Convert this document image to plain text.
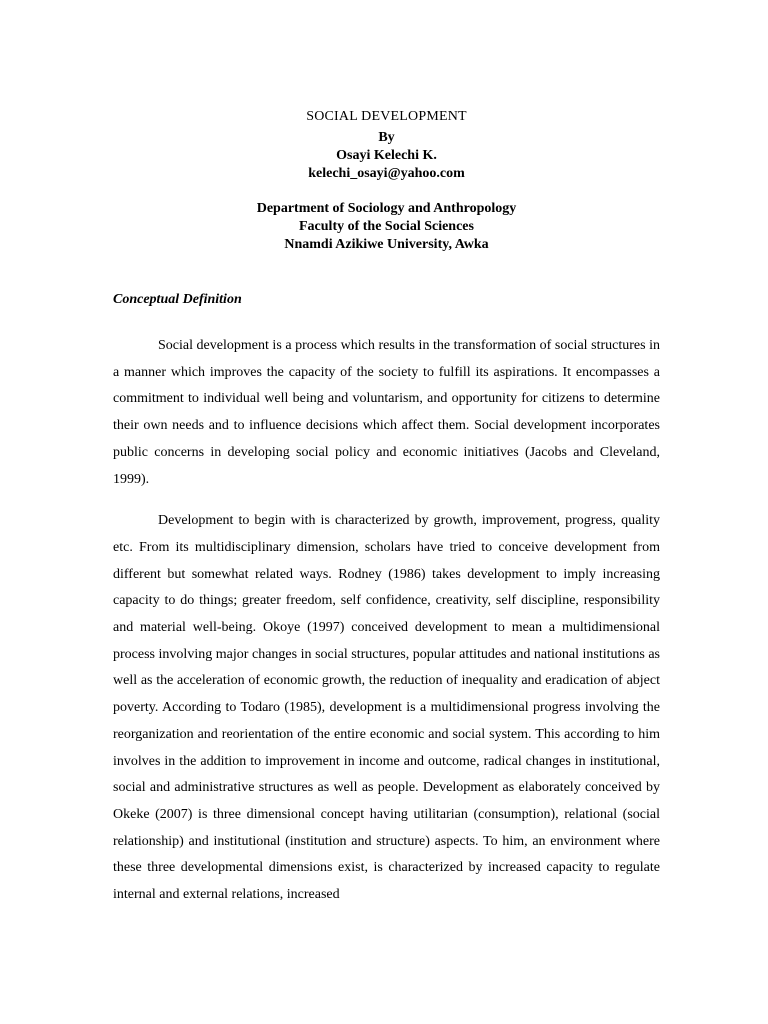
SOCIAL DEVELOPMENT
By
Osayi Kelechi K.
kelechi_osayi@yahoo.com
Department of Sociology and Anthropology
Faculty of the Social Sciences
Nnamdi Azikiwe University, Awka
Conceptual Definition

Social development is a process which results in the transformation of social structures in a manner which improves the capacity of the society to fulfill its aspirations. It encompasses a commitment to individual well being and voluntarism, and opportunity for citizens to determine their own needs and to influence decisions which affect them. Social development incorporates public concerns in developing social policy and economic initiatives (Jacobs and Cleveland, 1999).

Development to begin with is characterized by growth, improvement, progress, quality etc. From its multidisciplinary dimension, scholars have tried to conceive development from different but somewhat related ways. Rodney (1986) takes development to imply increasing capacity to do things; greater freedom, self confidence, creativity, self discipline, responsibility and material well-being. Okoye (1997) conceived development to mean a multidimensional process involving major changes in social structures, popular attitudes and national institutions as well as the acceleration of economic growth, the reduction of inequality and eradication of abject poverty. According to Todaro (1985), development is a multidimensional progress involving the reorganization and reorientation of the entire economic and social system. This according to him involves in the addition to improvement in income and outcome, radical changes in institutional, social and administrative structures as well as people. Development as elaborately conceived by Okeke (2007) is three dimensional concept having utilitarian (consumption), relational (social relationship) and institutional (institution and structure) aspects. To him, an environment where these three developmental dimensions exist, is characterized by increased capacity to regulate internal and external relations, increased
